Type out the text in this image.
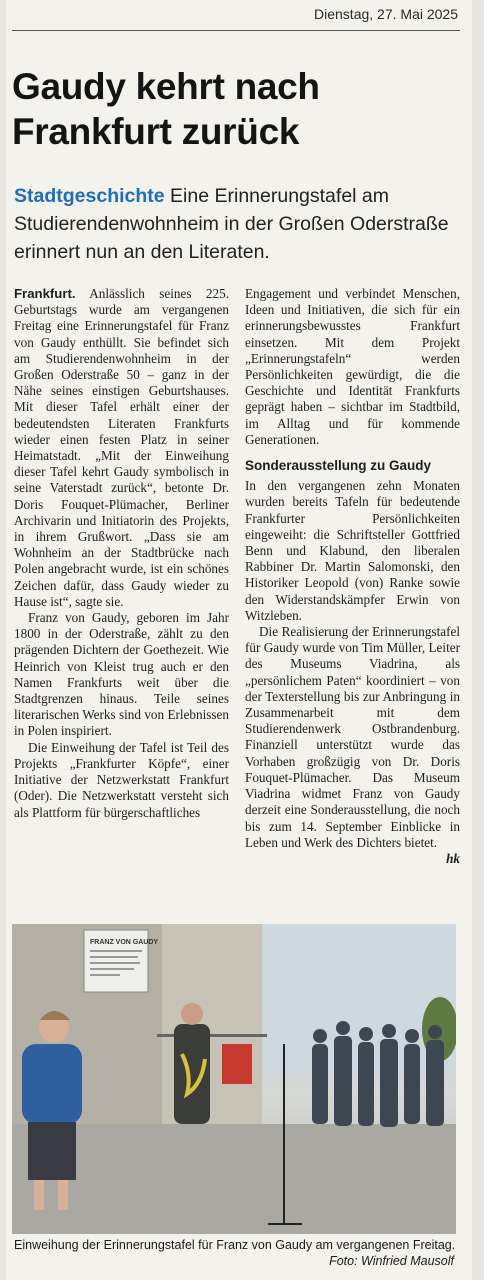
Dienstag, 27. Mai 2025
Gaudy kehrt nach Frankfurt zurück
Stadtgeschichte Eine Erinnerungstafel am Studierendenwohnheim in der Großen Oderstraße erinnert nun an den Literaten.

Frankfurt. Anlässlich seines 225. Geburtstags wurde am vergangenen Freitag eine Erinnerungstafel für Franz von Gaudy enthüllt. Sie befindet sich am Studierendenwohnheim in der Großen Oderstraße 50 – ganz in der Nähe seines einstigen Geburtshauses. Mit dieser Tafel erhält einer der bedeutendsten Literaten Frankfurts wieder einen festen Platz in seiner Heimatstadt. „Mit der Einweihung dieser Tafel kehrt Gaudy symbolisch in seine Vaterstadt zurück“, betonte Dr. Doris Fouquet-Plümacher, Berliner Archivarin und Initiatorin des Projekts, in ihrem Grußwort. „Dass sie am Wohnheim an der Stadtbrücke nach Polen angebracht wurde, ist ein schönes Zeichen dafür, dass Gaudy wieder zu Hause ist“, sagte sie.

Franz von Gaudy, geboren im Jahr 1800 in der Oderstraße, zählt zu den prägenden Dichtern der Goethezeit. Wie Heinrich von Kleist trug auch er den Namen Frankfurts weit über die Stadtgrenzen hinaus. Teile seines literarischen Werks sind von Erlebnissen in Polen inspiriert.

Die Einweihung der Tafel ist Teil des Projekts „Frankfurter Köpfe“, einer Initiative der Netzwerkstatt Frankfurt (Oder). Die Netzwerkstatt versteht sich als Plattform für bürgerschaftliches

Engagement und verbindet Menschen, Ideen und Initiativen, die sich für ein erinnerungsbewusstes Frankfurt einsetzen. Mit dem Projekt „Erinnerungstafeln“ werden Persönlichkeiten gewürdigt, die die Geschichte und Identität Frankfurts geprägt haben – sichtbar im Stadtbild, im Alltag und für kommende Generationen.

Sonderausstellung zu Gaudy

In den vergangenen zehn Monaten wurden bereits Tafeln für bedeutende Frankfurter Persönlichkeiten eingeweiht: die Schriftsteller Gottfried Benn und Klabund, den liberalen Rabbiner Dr. Martin Salomonski, den Historiker Leopold (von) Ranke sowie den Widerstandskämpfer Erwin von Witzleben.

Die Realisierung der Erinnerungstafel für Gaudy wurde von Tim Müller, Leiter des Museums Viadrina, als „persönlichem Paten“ koordiniert – von der Texterstellung bis zur Anbringung in Zusammenarbeit mit dem Studierendenwerk Ostbrandenburg. Finanziell unterstützt wurde das Vorhaben großzügig von Dr. Doris Fouquet-Plümacher. Das Museum Viadrina widmet Franz von Gaudy derzeit eine Sonderausstellung, die noch bis zum 14. September Einblicke in Leben und Werk des Dichters bietet.
hk

FRANZ VON GAUDY
Einweihung der Erinnerungstafel für Franz von Gaudy am vergangenen Freitag.
Foto: Winfried Mausolf
